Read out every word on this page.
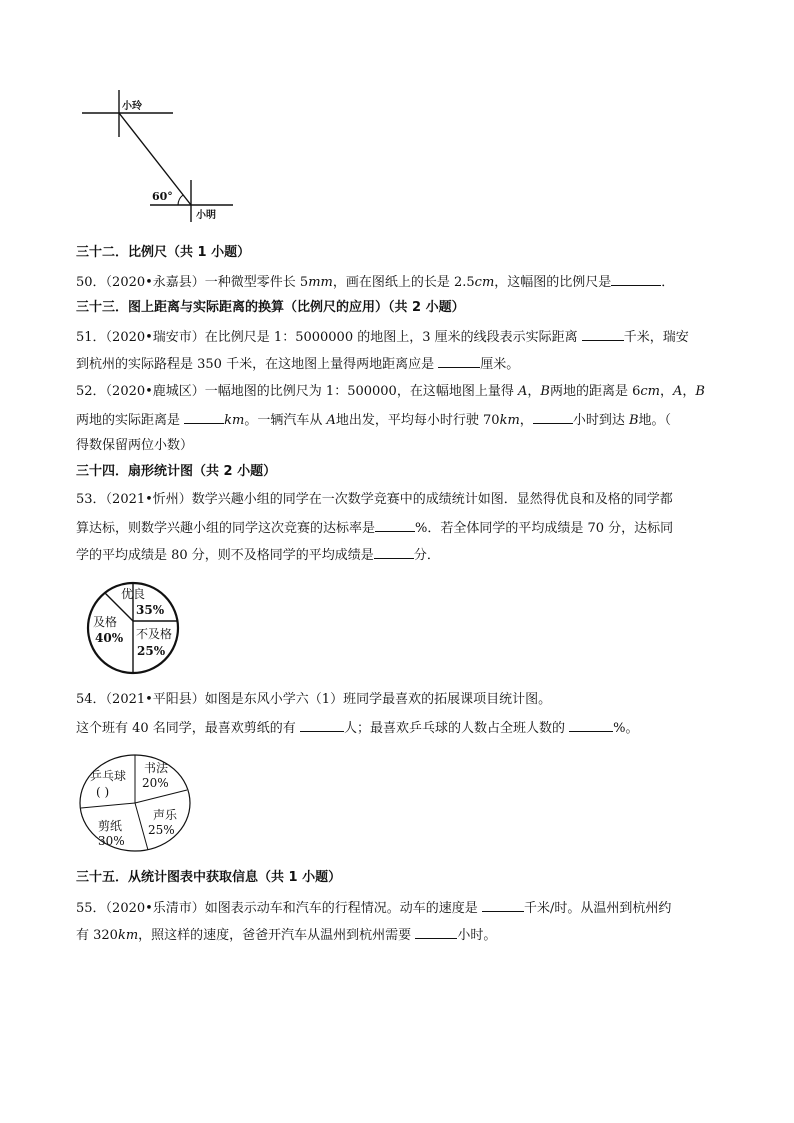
小玲
小明
60°
三十二．比例尺（共 1 小题）
50．（2020•永嘉县）一种微型零件长 5mm，画在图纸上的长是 2.5cm，这幅图的比例尺是	．
三十三．图上距离与实际距离的换算（比例尺的应用）（共 2 小题）
51．（2020•瑞安市）在比例尺是 1：5000000 的地图上，3 厘米的线段表示实际距离	千米，瑞安
到杭州的实际路程是 350 千米，在这地图上量得两地距离应是	厘米。
52．（2020•鹿城区）一幅地图的比例尺为 1：500000，在这幅地图上量得 A，B两地的距离是 6cm，A，B
两地的实际距离是	km。一辆汽车从 A地出发，平均每小时行驶 70km，	小时到达 B地。（
得数保留两位小数）
三十四．扇形统计图（共 2 小题）
53．（2021•忻州）数学兴趣小组的同学在一次数学竞赛中的成绩统计如图．显然得优良和及格的同学都
算达标，则数学兴趣小组的同学这次竞赛的达标率是	%．若全体同学的平均成绩是 70 分，达标同
学的平均成绩是 80 分，则不及格同学的平均成绩是	分．
优良
35%
及格
40% 不及格
25%
54．（2021•平阳县）如图是东风小学六（1）班同学最喜欢的拓展课项目统计图。
这个班有 40 名同学，最喜欢剪纸的有	人；最喜欢乒乓球的人数占全班人数的	%。
书法
20%
声乐
25%
剪纸
30%
乒乓球
( )
三十五．从统计图表中获取信息（共 1 小题）
55．（2020•乐清市）如图表示动车和汽车的行程情况。动车的速度是	千米/时。从温州到杭州约
有 320km，照这样的速度，爸爸开汽车从温州到杭州需要	小时。
